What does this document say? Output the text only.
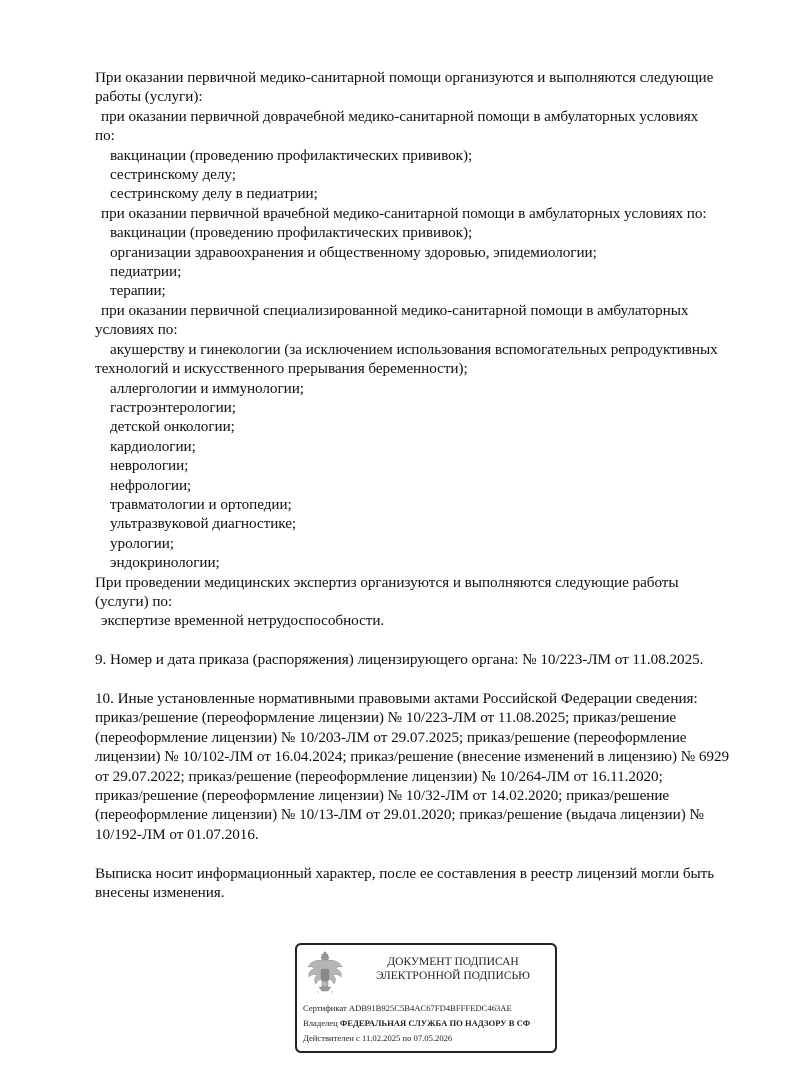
При оказании первичной медико-санитарной помощи организуются и выполняются следующие
работы (услуги):
при оказании первичной доврачебной медико-санитарной помощи в амбулаторных условиях
по:
вакцинации (проведению профилактических прививок);
сестринскому делу;
сестринскому делу в педиатрии;
при оказании первичной врачебной медико-санитарной помощи в амбулаторных условиях по:
вакцинации (проведению профилактических прививок);
организации здравоохранения и общественному здоровью, эпидемиологии;
педиатрии;
терапии;
при оказании первичной специализированной медико-санитарной помощи в амбулаторных
условиях по:
акушерству и гинекологии (за исключением использования вспомогательных репродуктивных
технологий и искусственного прерывания беременности);
аллергологии и иммунологии;
гастроэнтерологии;
детской онкологии;
кардиологии;
неврологии;
нефрологии;
травматологии и ортопедии;
ультразвуковой диагностике;
урологии;
эндокринологии;
При проведении медицинских экспертиз организуются и выполняются следующие работы
(услуги) по:
экспертизе временной нетрудоспособности.
9. Номер и дата приказа (распоряжения) лицензирующего органа: № 10/223-ЛМ от 11.08.2025.
10. Иные установленные нормативными правовыми актами Российской Федерации сведения:
приказ/решение (переоформление лицензии) № 10/223-ЛМ от 11.08.2025; приказ/решение
(переоформление лицензии) № 10/203-ЛМ от 29.07.2025; приказ/решение (переоформление
лицензии) № 10/102-ЛМ от 16.04.2024; приказ/решение (внесение изменений в лицензию) № 6929
от 29.07.2022; приказ/решение (переоформление лицензии) № 10/264-ЛМ от 16.11.2020;
приказ/решение (переоформление лицензии) № 10/32-ЛМ от 14.02.2020; приказ/решение
(переоформление лицензии) № 10/13-ЛМ от 29.01.2020; приказ/решение (выдача лицензии) №
10/192-ЛМ от 01.07.2016.
Выписка носит информационный характер, после ее составления в реестр лицензий могли быть
внесены изменения.
ДОКУМЕНТ ПОДПИСАН
ЭЛЕКТРОННОЙ ПОДПИСЬЮ
Сертификат ADB91B925C5B4AC67FD4BFFFEDC463AE
Владелец ФЕДЕРАЛЬНАЯ СЛУЖБА ПО НАДЗОРУ В СФ
Действителен с 11.02.2025 по 07.05.2026
